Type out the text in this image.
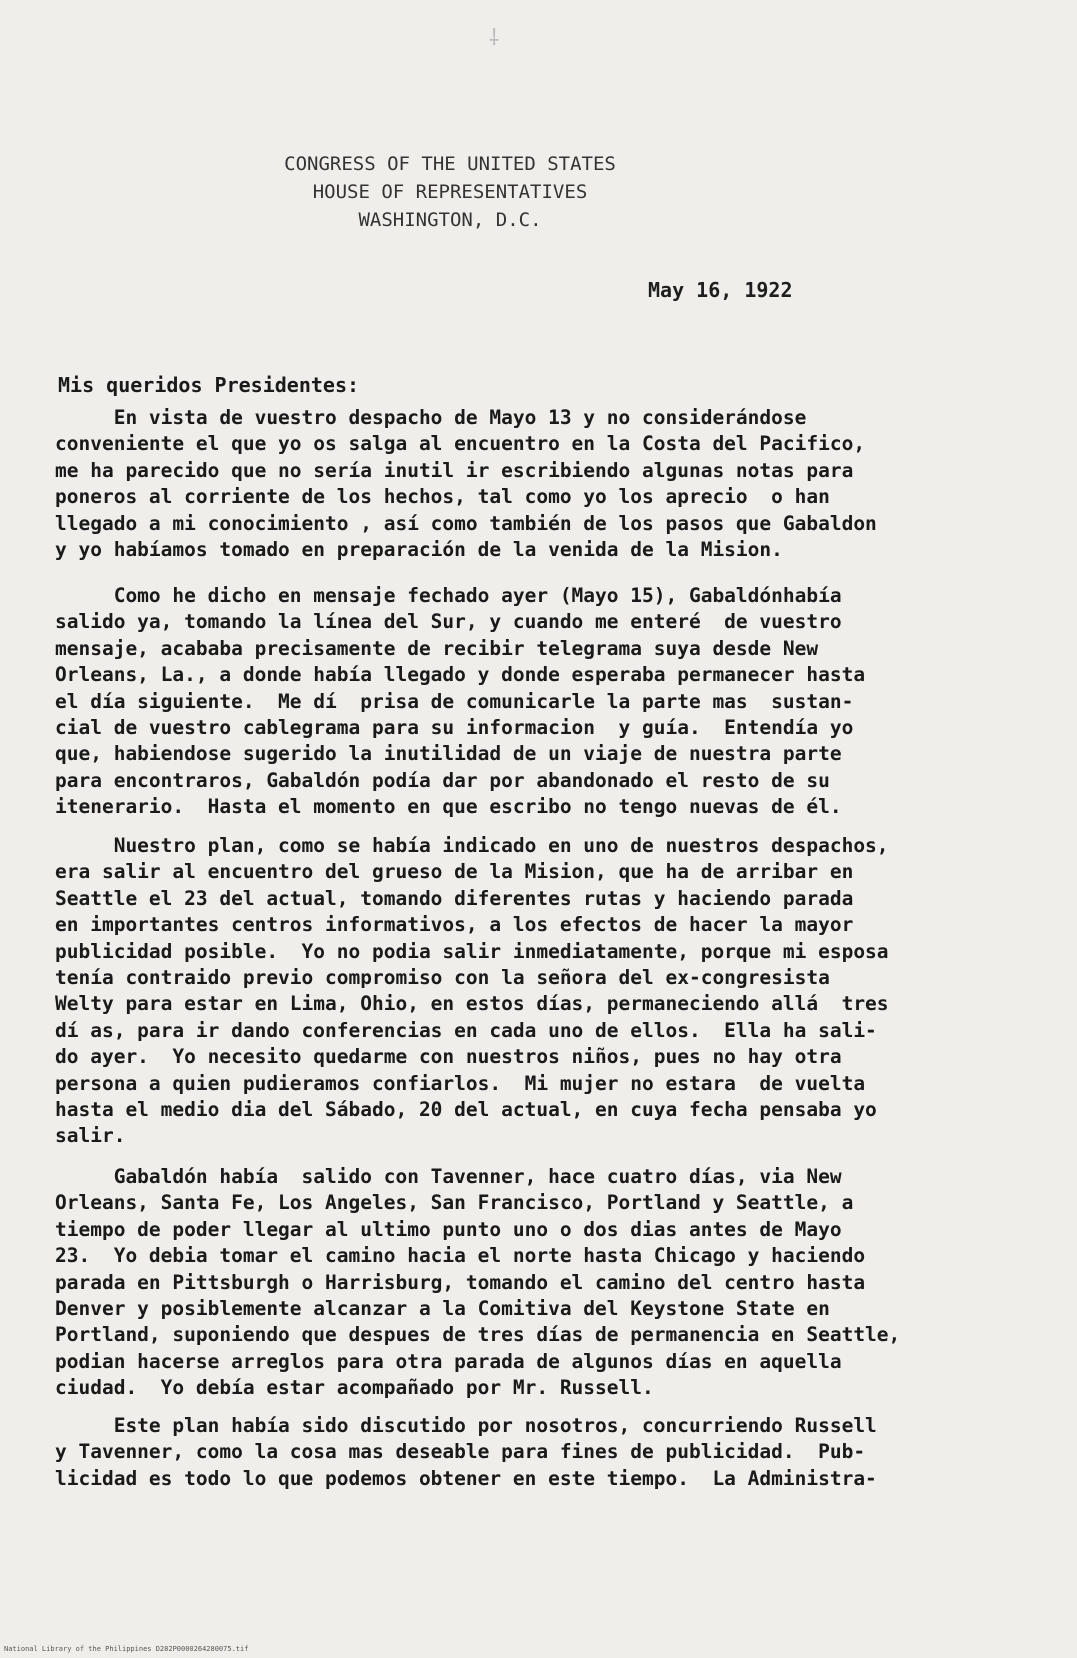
⸸
CONGRESS OF THE UNITED STATES
HOUSE OF REPRESENTATIVES
WASHINGTON, D.C.
May 16, 1922
Mis queridos Presidentes:
En vista de vuestro despacho de Mayo 13 y no considerándose
conveniente el que yo os salga al encuentro en la Costa del Pacifico,
me ha parecido que no sería inutil ir escribiendo algunas notas para
poneros al corriente de los hechos, tal como yo los aprecio  o han
llegado a mi conocimiento , así como también de los pasos que Gabaldon
y yo habíamos tomado en preparación de la venida de la Mision.
Como he dicho en mensaje fechado ayer (Mayo 15), Gabaldónhabía
salido ya, tomando la línea del Sur, y cuando me enteré  de vuestro
mensaje, acababa precisamente de recibir telegrama suya desde New
Orleans, La., a donde había llegado y donde esperaba permanecer hasta
el día siguiente.  Me dí  prisa de comunicarle la parte mas  sustan-
cial de vuestro cablegrama para su informacion  y guía.  Entendía yo
que, habiendose sugerido la inutilidad de un viaje de nuestra parte
para encontraros, Gabaldón podía dar por abandonado el resto de su
itenerario.  Hasta el momento en que escribo no tengo nuevas de él.
Nuestro plan, como se había indicado en uno de nuestros despachos,
era salir al encuentro del grueso de la Mision, que ha de arribar en
Seattle el 23 del actual, tomando diferentes rutas y haciendo parada
en importantes centros informativos, a los efectos de hacer la mayor
publicidad posible.  Yo no podia salir inmediatamente, porque mi esposa
tenía contraido previo compromiso con la señora del ex-congresista
Welty para estar en Lima, Ohio, en estos días, permaneciendo allá  tres
dí as, para ir dando conferencias en cada uno de ellos.  Ella ha sali-
do ayer.  Yo necesito quedarme con nuestros niños, pues no hay otra
persona a quien pudieramos confiarlos.  Mi mujer no estara  de vuelta
hasta el medio dia del Sábado, 20 del actual, en cuya fecha pensaba yo
salir.
Gabaldón había  salido con Tavenner, hace cuatro días, via New
Orleans, Santa Fe, Los Angeles, San Francisco, Portland y Seattle, a
tiempo de poder llegar al ultimo punto uno o dos dias antes de Mayo
23.  Yo debia tomar el camino hacia el norte hasta Chicago y haciendo
parada en Pittsburgh o Harrisburg, tomando el camino del centro hasta
Denver y posiblemente alcanzar a la Comitiva del Keystone State en
Portland, suponiendo que despues de tres días de permanencia en Seattle,
podian hacerse arreglos para otra parada de algunos días en aquella
ciudad.  Yo debía estar acompañado por Mr. Russell.
Este plan había sido discutido por nosotros, concurriendo Russell
y Tavenner, como la cosa mas deseable para fines de publicidad.  Pub-
licidad es todo lo que podemos obtener en este tiempo.  La Administra-
National Library of the Philippines D282P0000264280075.tif
